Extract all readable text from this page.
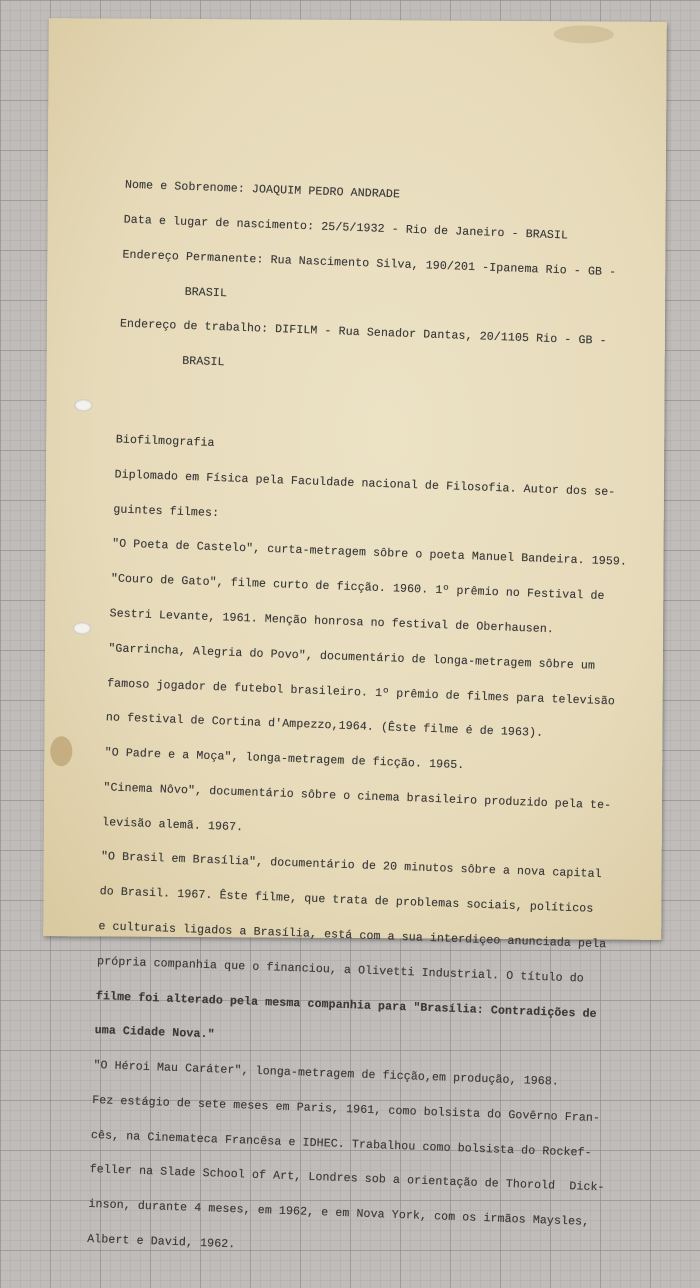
Nome e Sobrenome: JOAQUIM PEDRO ANDRADE

Data e lugar de nascimento: 25/5/1932 - Rio de Janeiro - BRASIL

Endereço Permanente: Rua Nascimento Silva, 190/201 -Ipanema Rio - GB -

BRASIL

Endereço de trabalho: DIFILM - Rua Senador Dantas, 20/1105 Rio - GB -

BRASIL

Biofilmografia

Diplomado em Física pela Faculdade nacional de Filosofia. Autor dos se-

guintes filmes:

"O Poeta de Castelo", curta-metragem sôbre o poeta Manuel Bandeira. 1959.

"Couro de Gato", filme curto de ficção. 1960. 1º prêmio no Festival de

Sestri Levante, 1961. Menção honrosa no festival de Oberhausen.

"Garrincha, Alegria do Povo", documentário de longa-metragem sôbre um

famoso jogador de futebol brasileiro. 1º prêmio de filmes para televisão

no festival de Cortina d'Ampezzo,1964. (Êste filme é de 1963).

"O Padre e a Moça", longa-metragem de ficção. 1965.

"Cinema Nôvo", documentário sôbre o cinema brasileiro produzido pela te-

levisão alemã. 1967.

"O Brasil em Brasília", documentário de 20 minutos sôbre a nova capital

do Brasil. 1967. Êste filme, que trata de problemas sociais, políticos

e culturais ligados a Brasília, está com a sua interdiçeo anunciada pela

própria companhia que o financiou, a Olivetti Industrial. O título do

filme foi alterado pela mesma companhia para "Brasília: Contradições de

uma Cidade Nova."

"O Héroi Mau Caráter", longa-metragem de ficção,em produção, 1968.

Fez estágio de sete meses em Paris, 1961, como bolsista do Govêrno Fran-

cês, na Cinemateca Francêsa e IDHEC. Trabalhou como bolsista do Rockef-

feller na Slade School of Art, Londres sob a orientação de Thorold  Dick-

inson, durante 4 meses, em 1962, e em Nova York, com os irmãos Maysles,

Albert e David, 1962.
